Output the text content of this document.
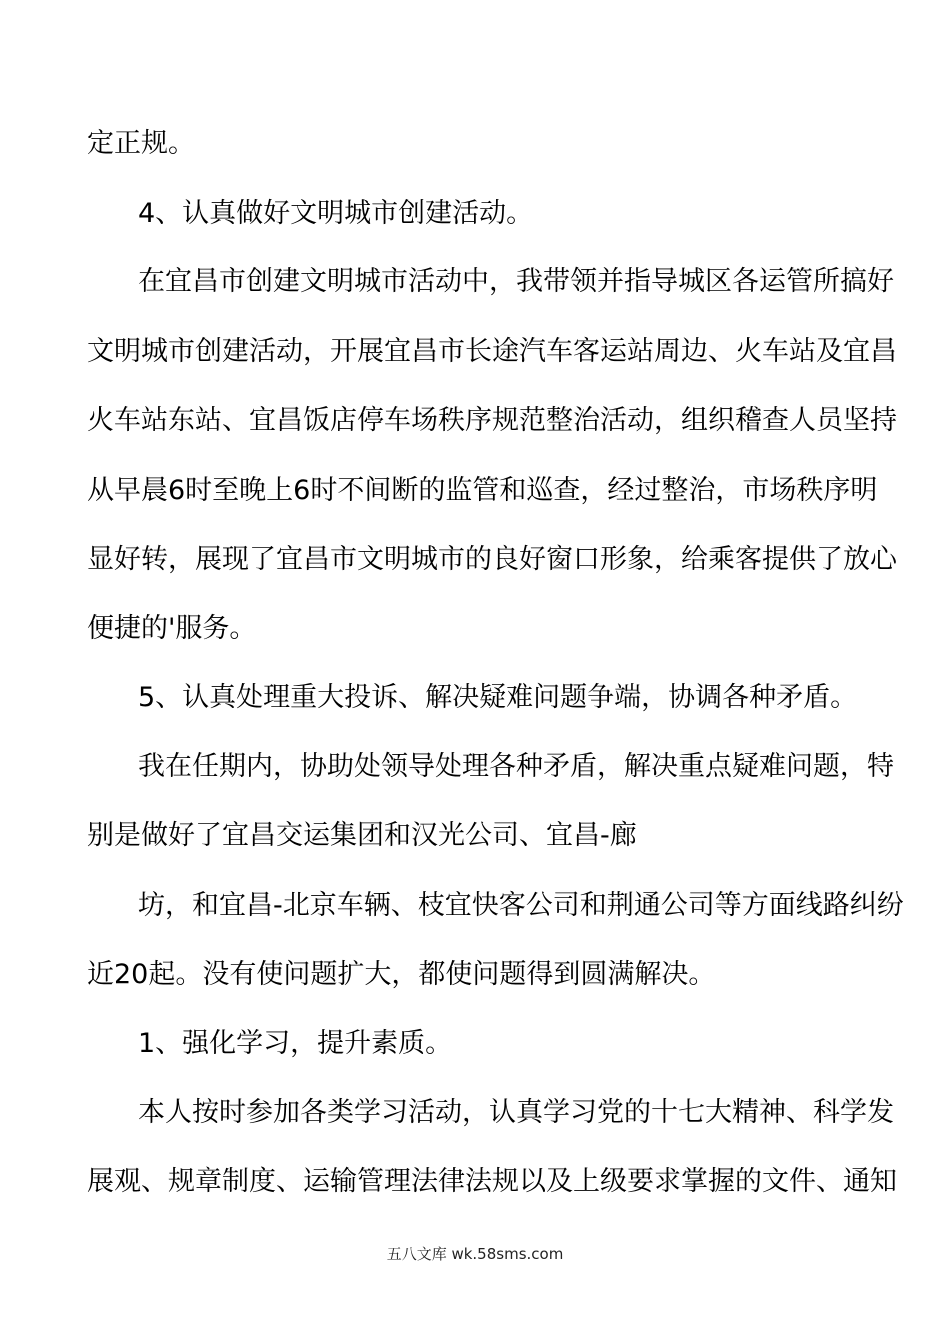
定正规。
4、认真做好文明城市创建活动。
在宜昌市创建文明城市活动中，我带领并指导城区各运管所搞好
文明城市创建活动，开展宜昌市长途汽车客运站周边、火车站及宜昌
火车站东站、宜昌饭店停车场秩序规范整治活动，组织稽查人员坚持
从早晨6时至晚上6时不间断的监管和巡查，经过整治，市场秩序明
显好转，展现了宜昌市文明城市的良好窗口形象，给乘客提供了放心
便捷的'服务。
5、认真处理重大投诉、解决疑难问题争端，协调各种矛盾。
我在任期内，协助处领导处理各种矛盾，解决重点疑难问题，特
别是做好了宜昌交运集团和汉光公司、宜昌-廊
坊，和宜昌-北京车辆、枝宜快客公司和荆通公司等方面线路纠纷
近20起。没有使问题扩大，都使问题得到圆满解决。
1、强化学习，提升素质。
本人按时参加各类学习活动，认真学习党的十七大精神、科学发
展观、规章制度、运输管理法律法规以及上级要求掌握的文件、通知
五八文库 wk.58sms.com
